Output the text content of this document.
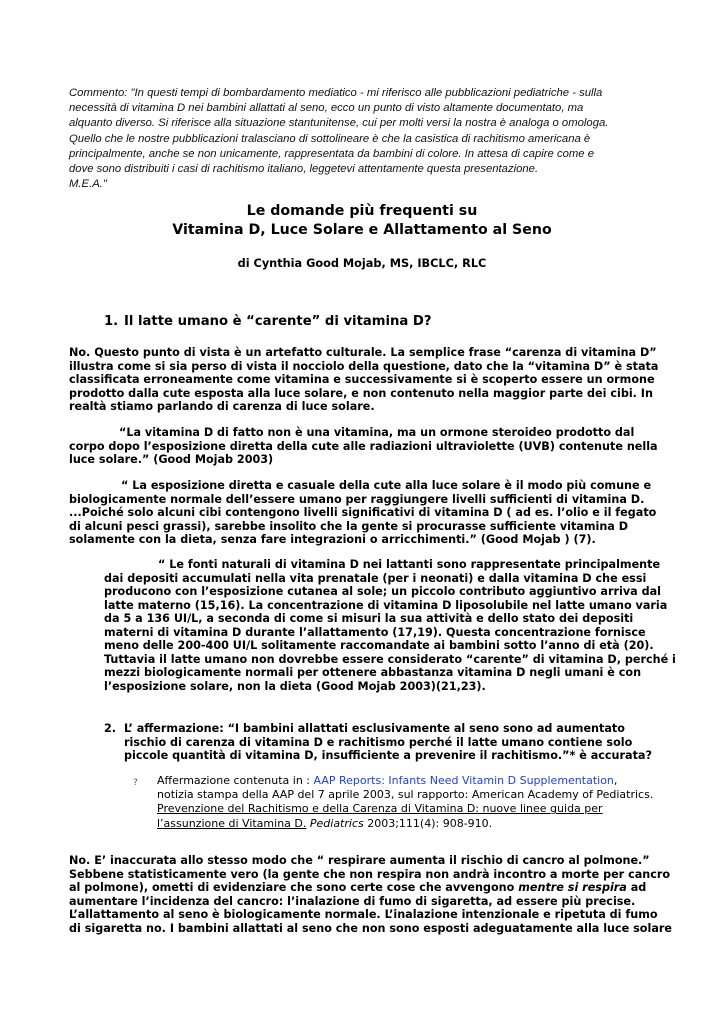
Commento: "In questi tempi di bombardamento mediatico - mi riferisco alle pubblicazioni pediatriche - sulla
necessità di vitamina D nei bambini allattati al seno, ecco un punto di visto altamente documentato, ma
alquanto diverso. Si riferisce alla situazione stantunitense, cui per molti versi la nostra è analoga o omologa.
Quello che le nostre pubblicazioni tralasciano di sottolineare è che la casistica di rachitismo americana è
principalmente, anche se non unicamente, rappresentata da bambini di colore. In attesa di capire come e
dove sono distribuiti i casi di rachitismo italiano, leggetevi attentamente questa presentazione.
M.E.A."
Le domande più frequenti su
Vitamina D, Luce Solare e Allattamento al Seno
di Cynthia Good Mojab, MS, IBCLC, RLC
1. Il latte umano è “carente” di vitamina D?
No. Questo punto di vista è un artefatto culturale. La semplice frase “carenza di vitamina D”
illustra come si sia perso di vista il nocciolo della questione, dato che la “vitamina D” è stata
classificata erroneamente come vitamina e successivamente si è scoperto essere un ormone
prodotto dalla cute esposta alla luce solare, e non contenuto nella maggior parte dei cibi. In
realtà stiamo parlando di carenza di luce solare.
“La vitamina D di fatto non è una vitamina, ma un ormone steroideo prodotto dal
corpo dopo l’esposizione diretta della cute alle radiazioni ultraviolette (UVB) contenute nella
luce solare.” (Good Mojab 2003)
“ La esposizione diretta e casuale della cute alla luce solare è il modo più comune e
biologicamente normale dell’essere umano per raggiungere livelli sufficienti di vitamina D.
...Poiché solo alcuni cibi contengono livelli significativi di vitamina D ( ad es. l’olio e il fegato
di alcuni pesci grassi), sarebbe insolito che la gente si procurasse sufficiente vitamina D
solamente con la dieta, senza fare integrazioni o arricchimenti.” (Good Mojab ) (7).
“ Le fonti naturali di vitamina D nei lattanti sono rappresentate principalmente
dai depositi accumulati nella vita prenatale (per i neonati) e dalla vitamina D che essi
producono con l’esposizione cutanea al sole; un piccolo contributo aggiuntivo arriva dal
latte materno (15,16). La concentrazione di vitamina D liposolubile nel latte umano varia
da 5 a 136 UI/L, a seconda di come si misuri la sua attività e dello stato dei depositi
materni di vitamina D durante l’allattamento (17,19). Questa concentrazione fornisce
meno delle 200-400 UI/L solitamente raccomandate ai bambini sotto l’anno di età (20).
Tuttavia il latte umano non dovrebbe essere considerato “carente” di vitamina D, perché i
mezzi biologicamente normali per ottenere abbastanza vitamina D negli umani è con
l’esposizione solare, non la dieta (Good Mojab 2003)(21,23).
2. L’ affermazione: “I bambini allattati esclusivamente al seno sono ad aumentato
rischio di carenza di vitamina D e rachitismo perché il latte umano contiene solo
piccole quantità di vitamina D, insufficiente a prevenire il rachitismo.”* è accurata?
? Affermazione contenuta in : AAP Reports: Infants Need Vitamin D Supplementation,
notizia stampa della AAP del 7 aprile 2003, sul rapporto: American Academy of Pediatrics.
Prevenzione del Rachitismo e della Carenza di Vitamina D: nuove linee guida per
l’assunzione di Vitamina D. Pediatrics 2003;111(4): 908-910.
No. E’ inaccurata allo stesso modo che “ respirare aumenta il rischio di cancro al polmone.”
Sebbene statisticamente vero (la gente che non respira non andrà incontro a morte per cancro
al polmone), ometti di evidenziare che sono certe cose che avvengono mentre si respira ad
aumentare l’incidenza del cancro: l’inalazione di fumo di sigaretta, ad essere più precise.
L’allattamento al seno è biologicamente normale. L’inalazione intenzionale e ripetuta di fumo
di sigaretta no. I bambini allattati al seno che non sono esposti adeguatamente alla luce solare
